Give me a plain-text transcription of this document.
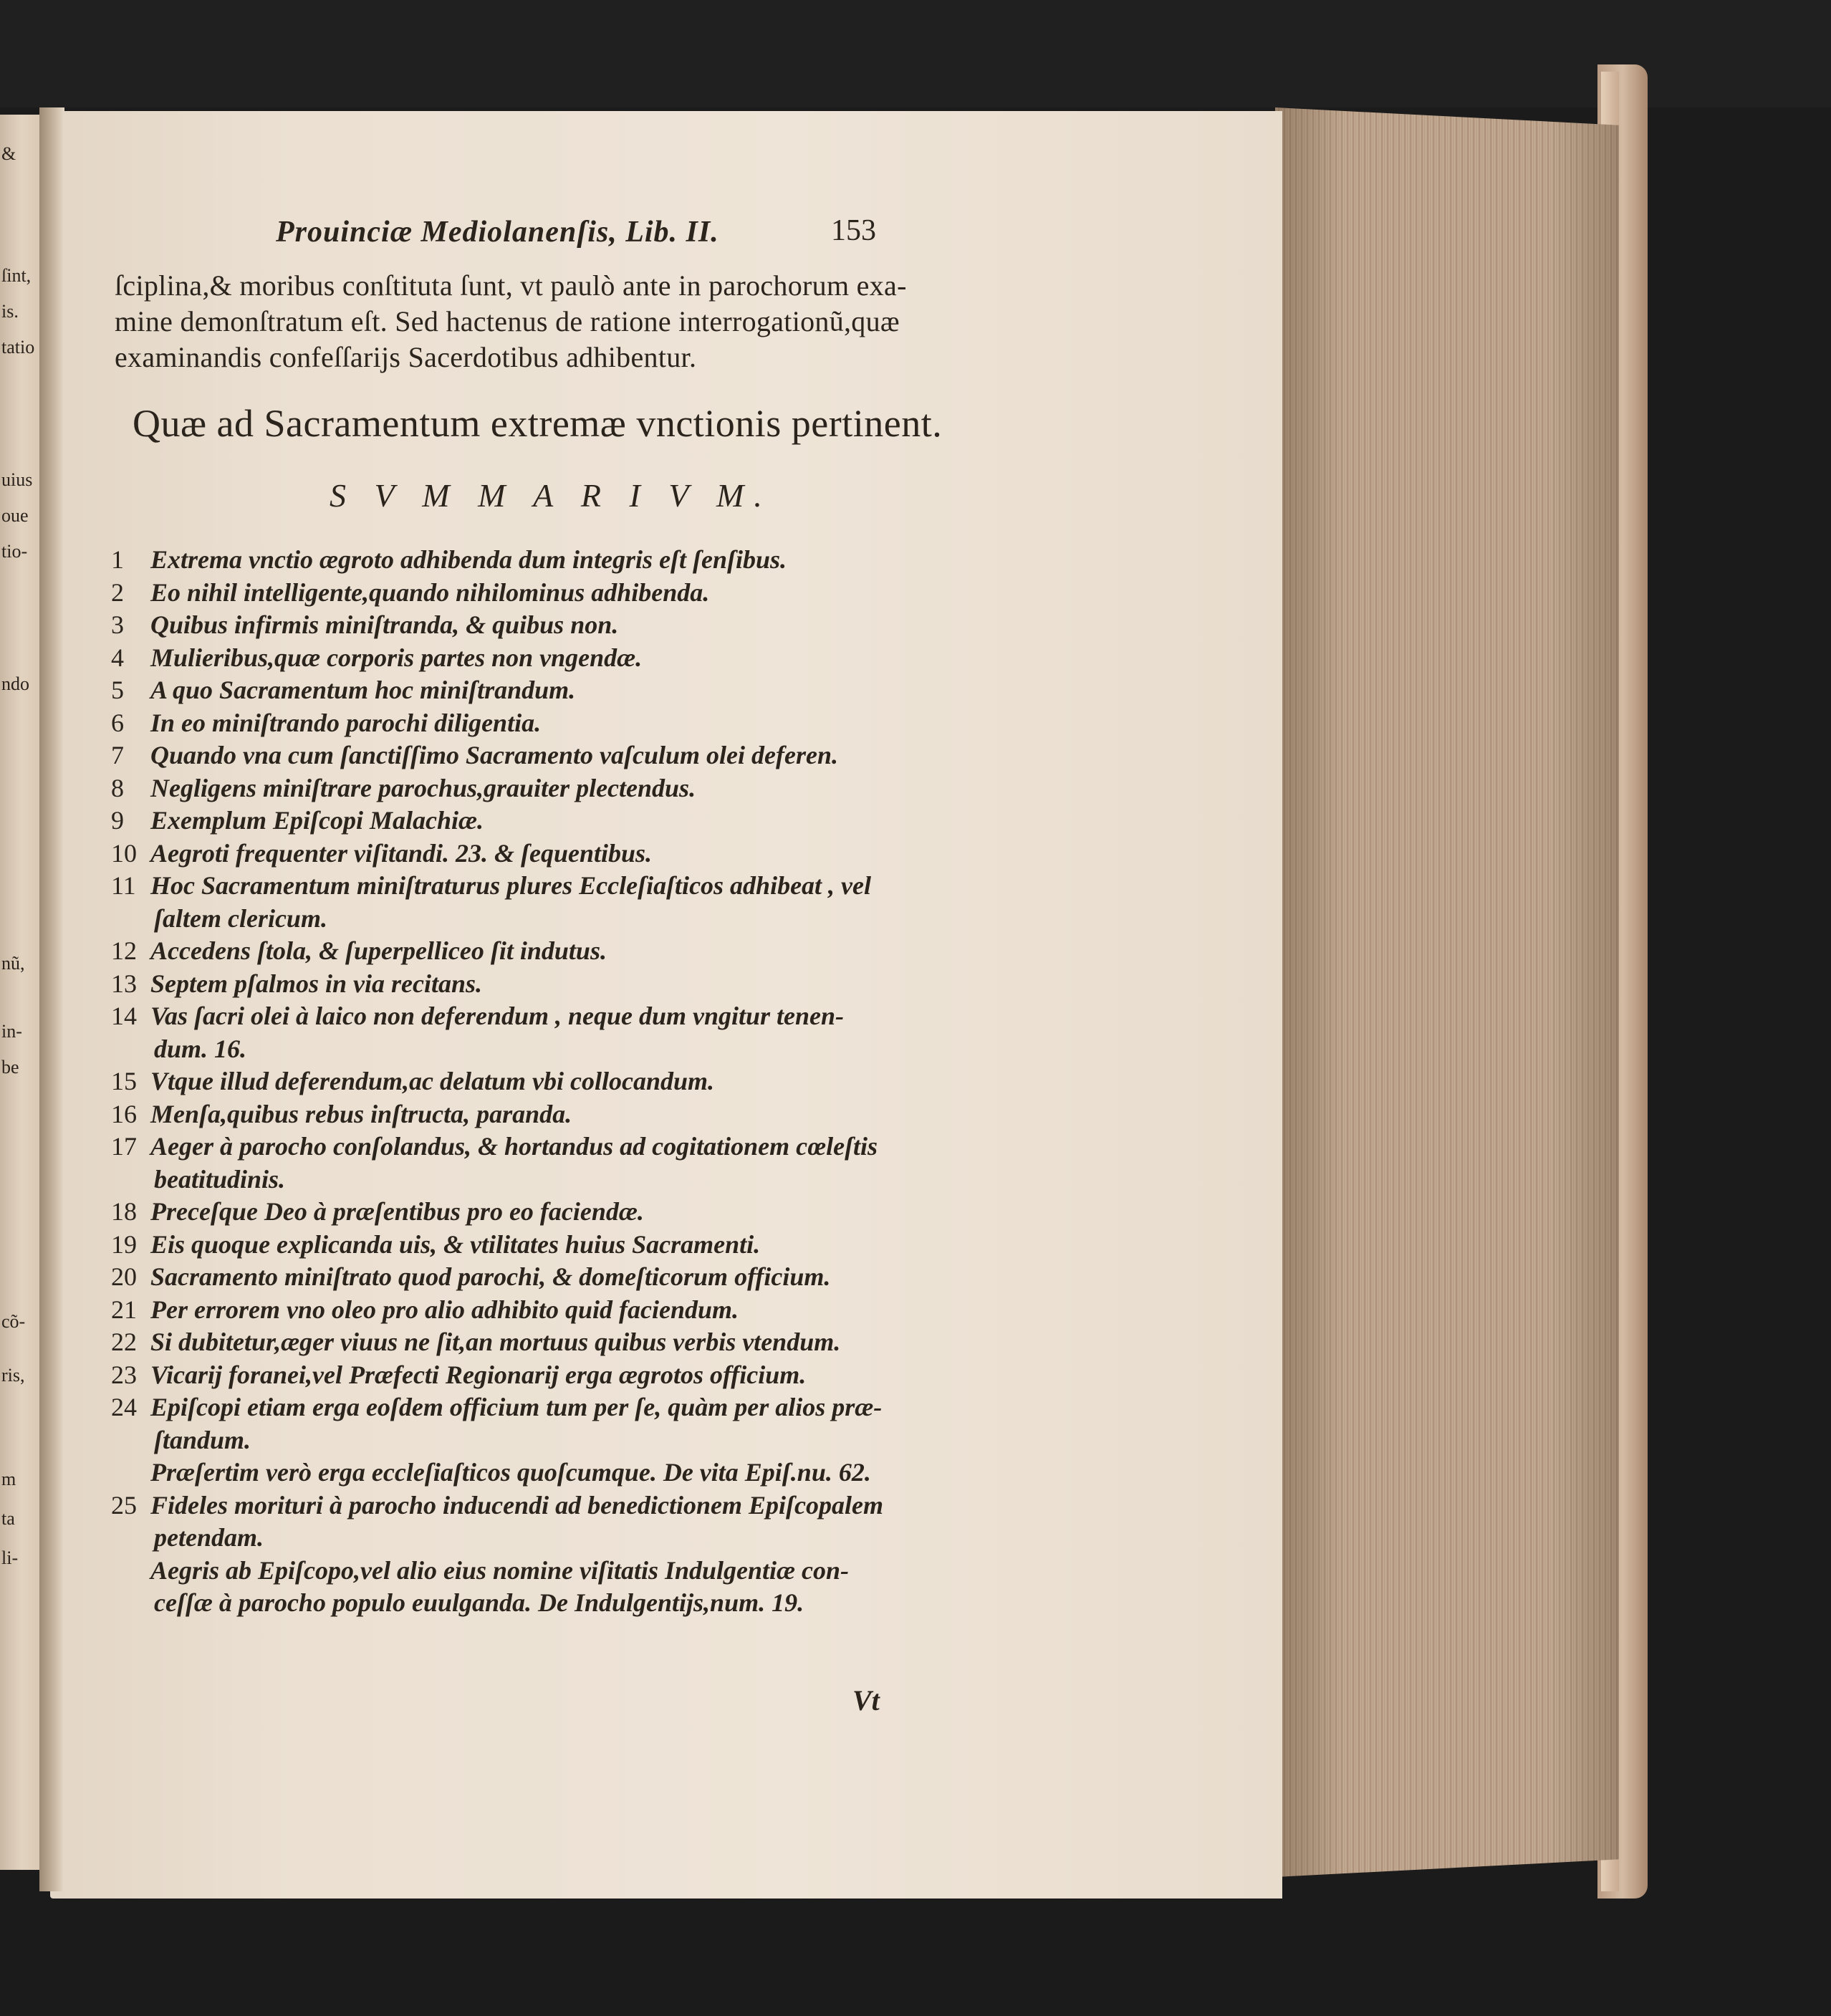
&
ſint,
is.
tatio
uius
oue
tio-
ndo
nũ,
in-
be
cõ-
ris,
m
ta
li-
Prouinciæ Mediolanenſis, Lib. II.	153
ſciplina,& moribus conſtituta ſunt, vt paulò ante in parochorum exa-
mine demonſtratum eſt. Sed hactenus de ratione interrogationũ,quæ
examinandis confeſſarijs Sacerdotibus adhibentur.
Quæ ad Sacramentum extremæ vnctionis pertinent.
S V M M A R I V M.
1 Extrema vnctio ægroto adhibenda dum integris eſt ſenſibus.
2 Eo nihil intelligente,quando nihilominus adhibenda.
3 Quibus infirmis miniſtranda, & quibus non.
4 Mulieribus,quæ corporis partes non vngendæ.
5 A quo Sacramentum hoc miniſtrandum.
6 In eo miniſtrando parochi diligentia.
7 Quando vna cum ſanctiſſimo Sacramento vaſculum olei deferen.
8 Negligens miniſtrare parochus,grauiter plectendus.
9 Exemplum Epiſcopi Malachiæ.
10 Aegroti frequenter viſitandi. 23. & ſequentibus.
11 Hoc Sacramentum miniſtraturus plures Eccleſiaſticos adhibeat , vel
ſaltem clericum.
12 Accedens ſtola, & ſuperpelliceo ſit indutus.
13 Septem pſalmos in via recitans.
14 Vas ſacri olei à laico non deferendum , neque dum vngitur tenen-
dum. 16.
15 Vtque illud deferendum,ac delatum vbi collocandum.
16 Menſa,quibus rebus inſtructa, paranda.
17 Aeger à parocho conſolandus, & hortandus ad cogitationem cœleſtis
beatitudinis.
18 Preceſque Deo à præſentibus pro eo faciendæ.
19 Eis quoque explicanda uis, & vtilitates huius Sacramenti.
20 Sacramento miniſtrato quod parochi, & domeſticorum officium.
21 Per errorem vno oleo pro alio adhibito quid faciendum.
22 Si dubitetur,æger viuus ne ſit,an mortuus quibus verbis vtendum.
23 Vicarij foranei,vel Præfecti Regionarij erga ægrotos officium.
24 Epiſcopi etiam erga eoſdem officium tum per ſe, quàm per alios præ-
ſtandum.
Præſertim verò erga eccleſiaſticos quoſcumque. De vita Epiſ.nu. 62.
25 Fideles morituri à parocho inducendi ad benedictionem Epiſcopalem
petendam.
Aegris ab Epiſcopo,vel alio eius nomine viſitatis Indulgentiæ con-
ceſſæ à parocho populo euulganda. De Indulgentijs,num. 19.
Vt
